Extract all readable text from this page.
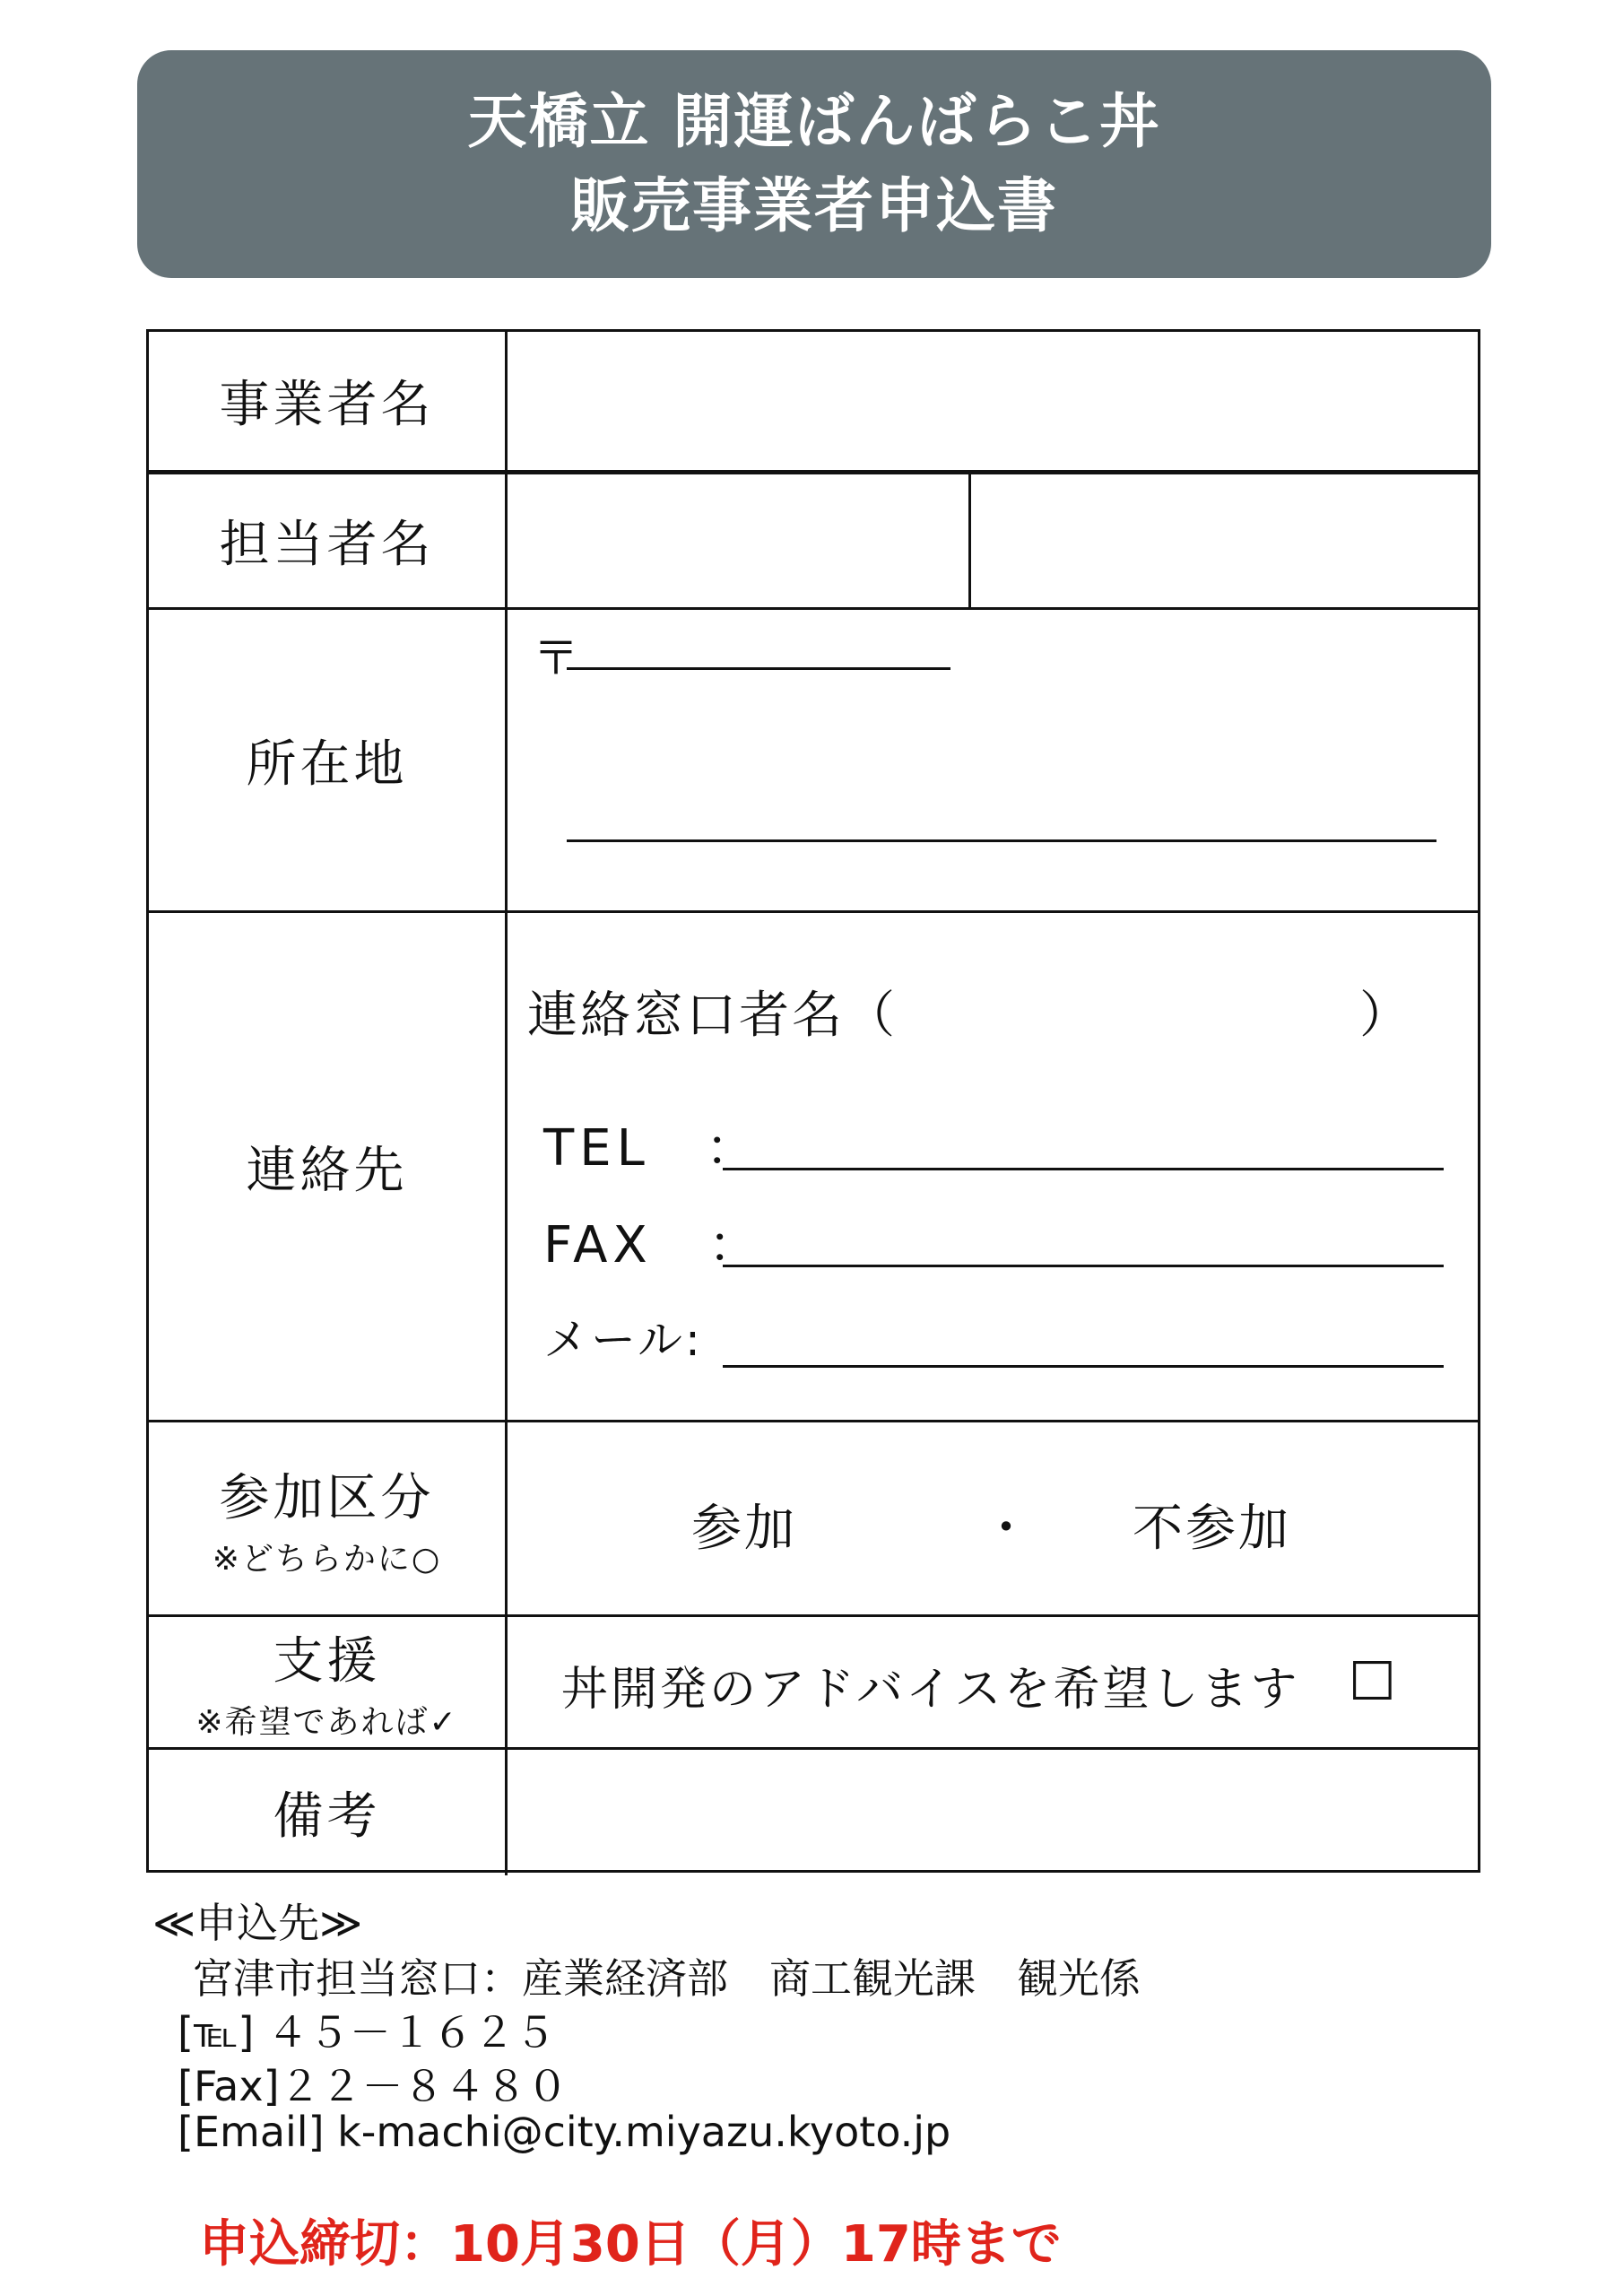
天橋立 開運ばんばらこ丼
販売事業者申込書
事業者名
担当者名
所在地
〒
連絡先
連絡窓口者名（	）
TEL　：
FAX　：
メール:
参加区分
※どちらかに○
参加	・ 不参加
支援
※希望であれば✓
丼開発のアドバイスを希望します □
備考
≪申込先≫
宮津市担当窓口：産業経済部　商工観光課　観光係
[℡] ４５－１６２５
[Fax]２２－８４８０
[Email] k-machi@city.miyazu.kyoto.jp
申込締切：10月30日（月）17時まで
